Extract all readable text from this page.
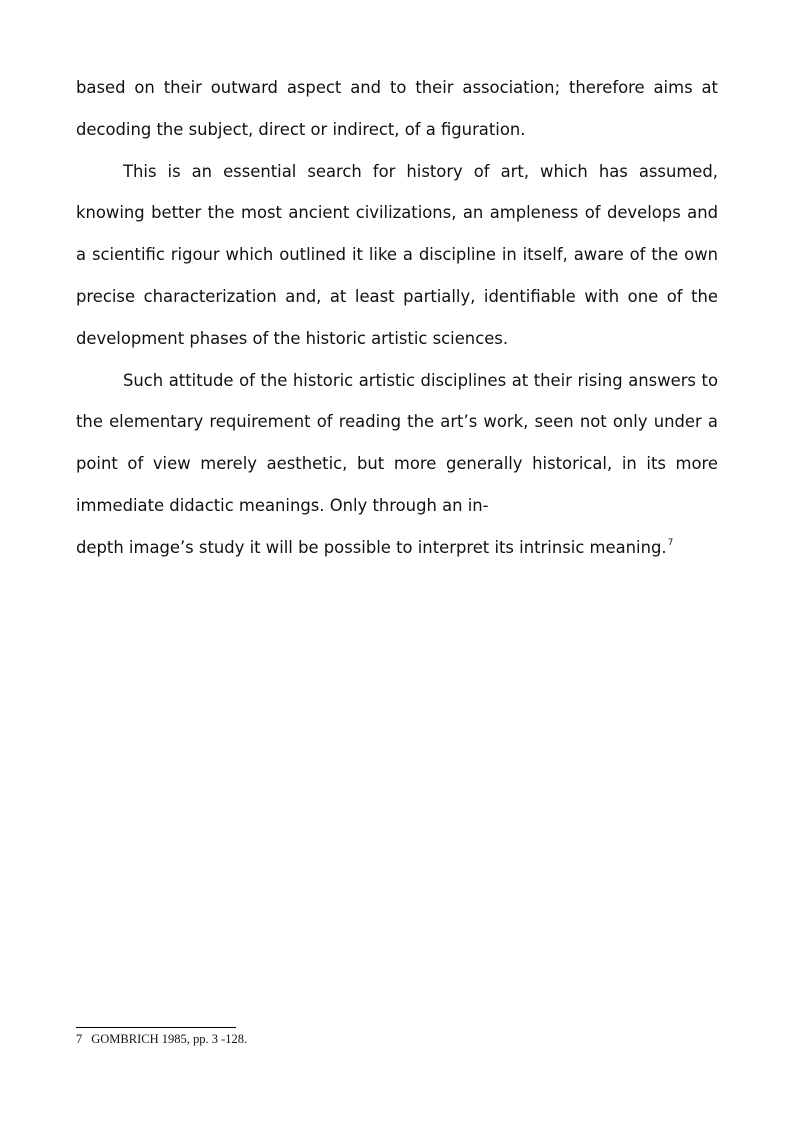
based on their outward aspect and to their association; therefore aims at decoding the subject, direct or indirect, of a figuration.

This is an essential search for history of art, which has assumed, knowing better the most ancient civilizations, an ampleness of develops and a scientific rigour which outlined it like a discipline in itself, aware of the own precise characterization and, at least partially, identifiable with one of the development phases of the historic artistic sciences.

Such attitude of the historic artistic disciplines at their rising answers to the elementary requirement of reading the art’s work, seen not only under a point of view merely aesthetic, but more generally historical, in its more immediate didactic meanings. Only through an in-
depth image’s study it will be possible to interpret its intrinsic meaning.$^7$

7 GOMBRICH 1985, pp. 3 -128.
